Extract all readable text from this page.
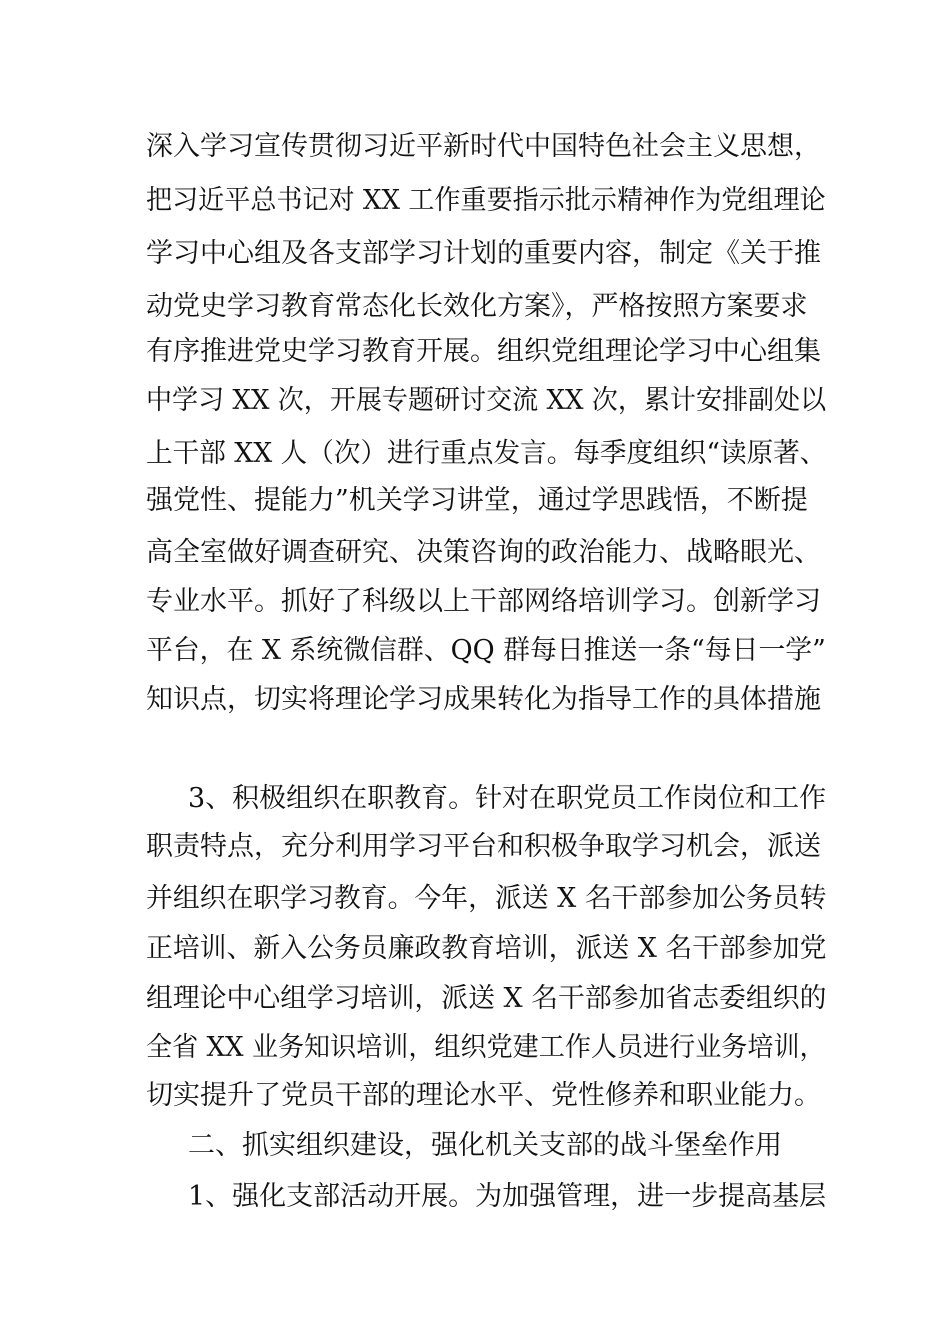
深入学习宣传贯彻习近平新时代中国特色社会主义思想，
把习近平总书记对 XX 工作重要指示批示精神作为党组理论
学习中心组及各支部学习计划的重要内容，制定《关于推
动党史学习教育常态化长效化方案》，严格按照方案要求
有序推进党史学习教育开展。组织党组理论学习中心组集
中学习 XX 次，开展专题研讨交流 XX 次，累计安排副处以
上干部 XX 人（次）进行重点发言。每季度组织“读原著、
强党性、提能力”机关学习讲堂，通过学思践悟，不断提
高全室做好调查研究、决策咨询的政治能力、战略眼光、
专业水平。抓好了科级以上干部网络培训学习。创新学习
平台，在 X 系统微信群、QQ 群每日推送一条“每日一学”
知识点，切实将理论学习成果转化为指导工作的具体措施
3、积极组织在职教育。针对在职党员工作岗位和工作
职责特点，充分利用学习平台和积极争取学习机会，派送
并组织在职学习教育。今年，派送 X 名干部参加公务员转
正培训、新入公务员廉政教育培训，派送 X 名干部参加党
组理论中心组学习培训，派送 X 名干部参加省志委组织的
全省 XX 业务知识培训，组织党建工作人员进行业务培训，
切实提升了党员干部的理论水平、党性修养和职业能力。
二、抓实组织建设，强化机关支部的战斗堡垒作用
1、强化支部活动开展。为加强管理，进一步提高基层
